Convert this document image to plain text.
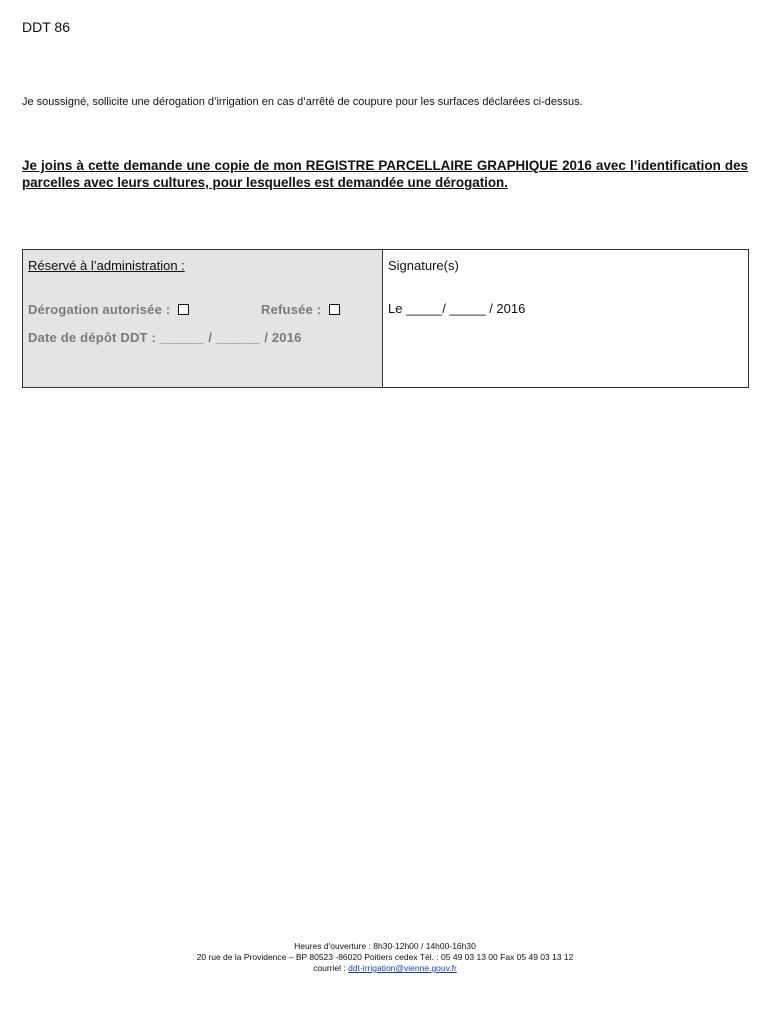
DDT 86
Je soussigné, sollicite une dérogation d’irrigation en cas d’arrêté de coupure pour les surfaces déclarées ci-dessus.
Je joins à cette demande une copie de mon REGISTRE PARCELLAIRE GRAPHIQUE 2016 avec l’identification des parcelles avec leurs cultures, pour lesquelles est demandée une dérogation.
Réservé à l’administration :
Dérogation autorisée :	Refusée :
Date de dépôt DDT : ______ / ______ / 2016
Signature(s)
Le _____/ _____ / 2016
Heures d'ouverture : 8h30-12h00 / 14h00-16h30
20 rue de la Providence – BP 80523 -86020 Poitiers cedex Tél. : 05 49 03 13 00 Fax 05 49 03 13 12
courriel : ddt-irrigation@vienne.gouv.fr
